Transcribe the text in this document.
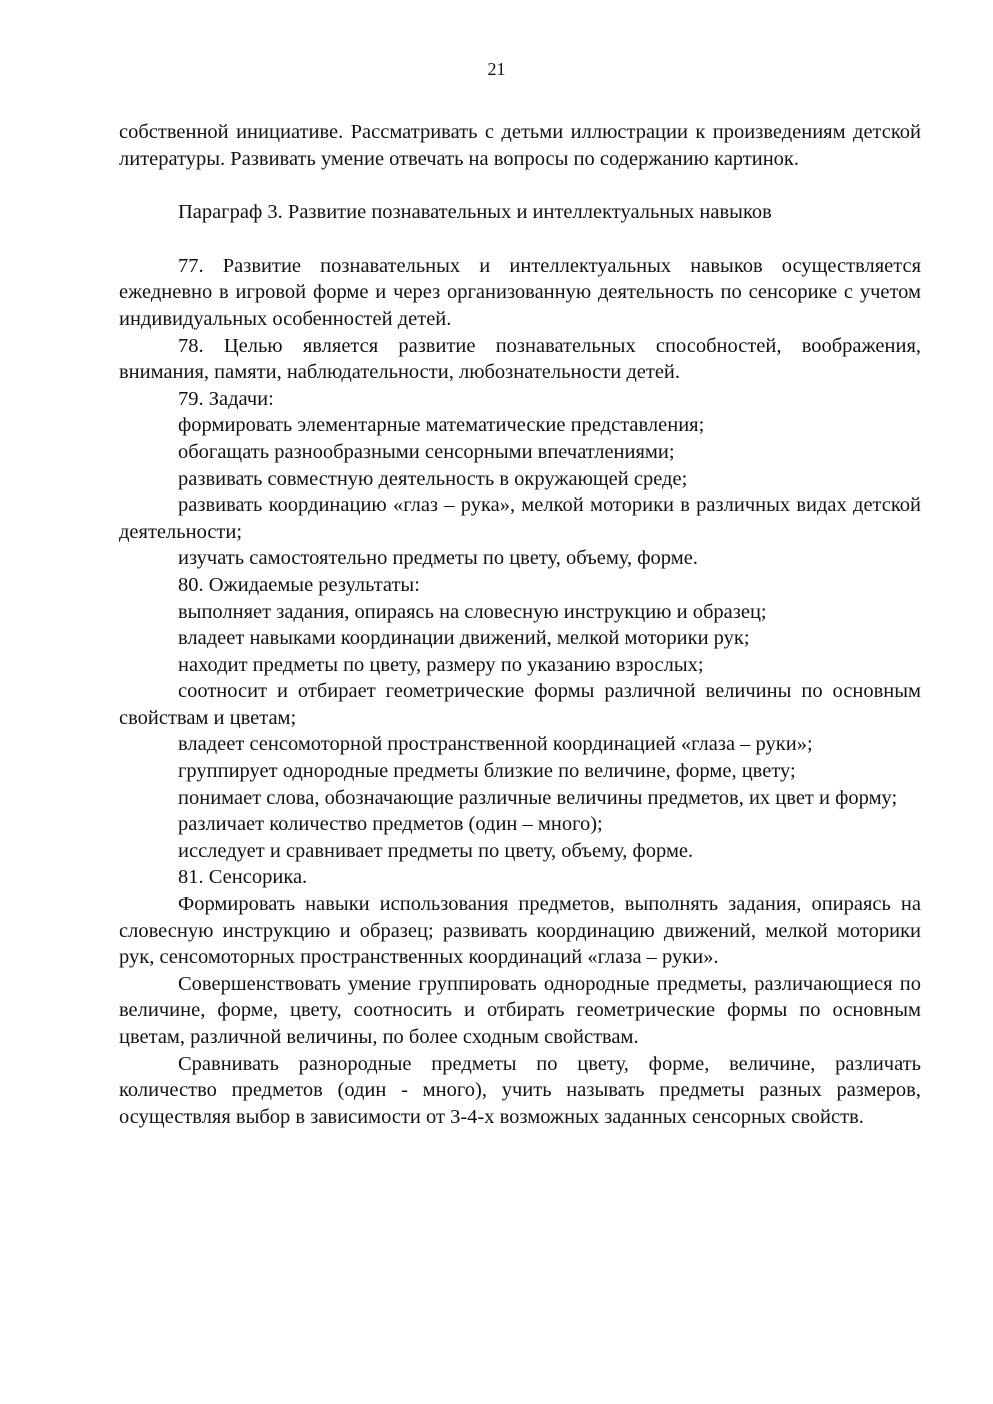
21

собственной инициативе. Рассматривать с детьми иллюстрации к произведениям детской литературы. Развивать умение отвечать на вопросы по содержанию картинок.

Параграф 3. Развитие познавательных и интеллектуальных навыков

77. Развитие познавательных и интеллектуальных навыков осуществляется ежедневно в игровой форме и через организованную деятельность по сенсорике с учетом индивидуальных особенностей детей.

78. Целью является развитие познавательных способностей, воображения, внимания, памяти, наблюдательности, любознательности детей.

79. Задачи:

формировать элементарные математические представления;

обогащать разнообразными сенсорными впечатлениями;

развивать совместную деятельность в окружающей среде;

развивать координацию «глаз – рука», мелкой моторики в различных видах детской деятельности;

изучать самостоятельно предметы по цвету, объему, форме.

80. Ожидаемые результаты:

выполняет задания, опираясь на словесную инструкцию и образец;

владеет навыками координации движений, мелкой моторики рук;

находит предметы по цвету, размеру по указанию взрослых;

соотносит и отбирает геометрические формы различной величины по основным свойствам и цветам;

владеет сенсомоторной пространственной координацией «глаза – руки»;

группирует однородные предметы близкие по величине, форме, цвету;

понимает слова, обозначающие различные величины предметов, их цвет и форму;

различает количество предметов (один – много);

исследует и сравнивает предметы по цвету, объему, форме.

81. Сенсорика.

Формировать навыки использования предметов, выполнять задания, опираясь на словесную инструкцию и образец; развивать координацию движений, мелкой моторики рук, сенсомоторных пространственных координаций «глаза – руки».

Совершенствовать умение группировать однородные предметы, различающиеся по величине, форме, цвету, соотносить и отбирать геометрические формы по основным цветам, различной величины, по более сходным свойствам.

Сравнивать разнородные предметы по цвету, форме, величине, различать количество предметов (один - много), учить называть предметы разных размеров, осуществляя выбор в зависимости от 3-4-х возможных заданных сенсорных свойств.
